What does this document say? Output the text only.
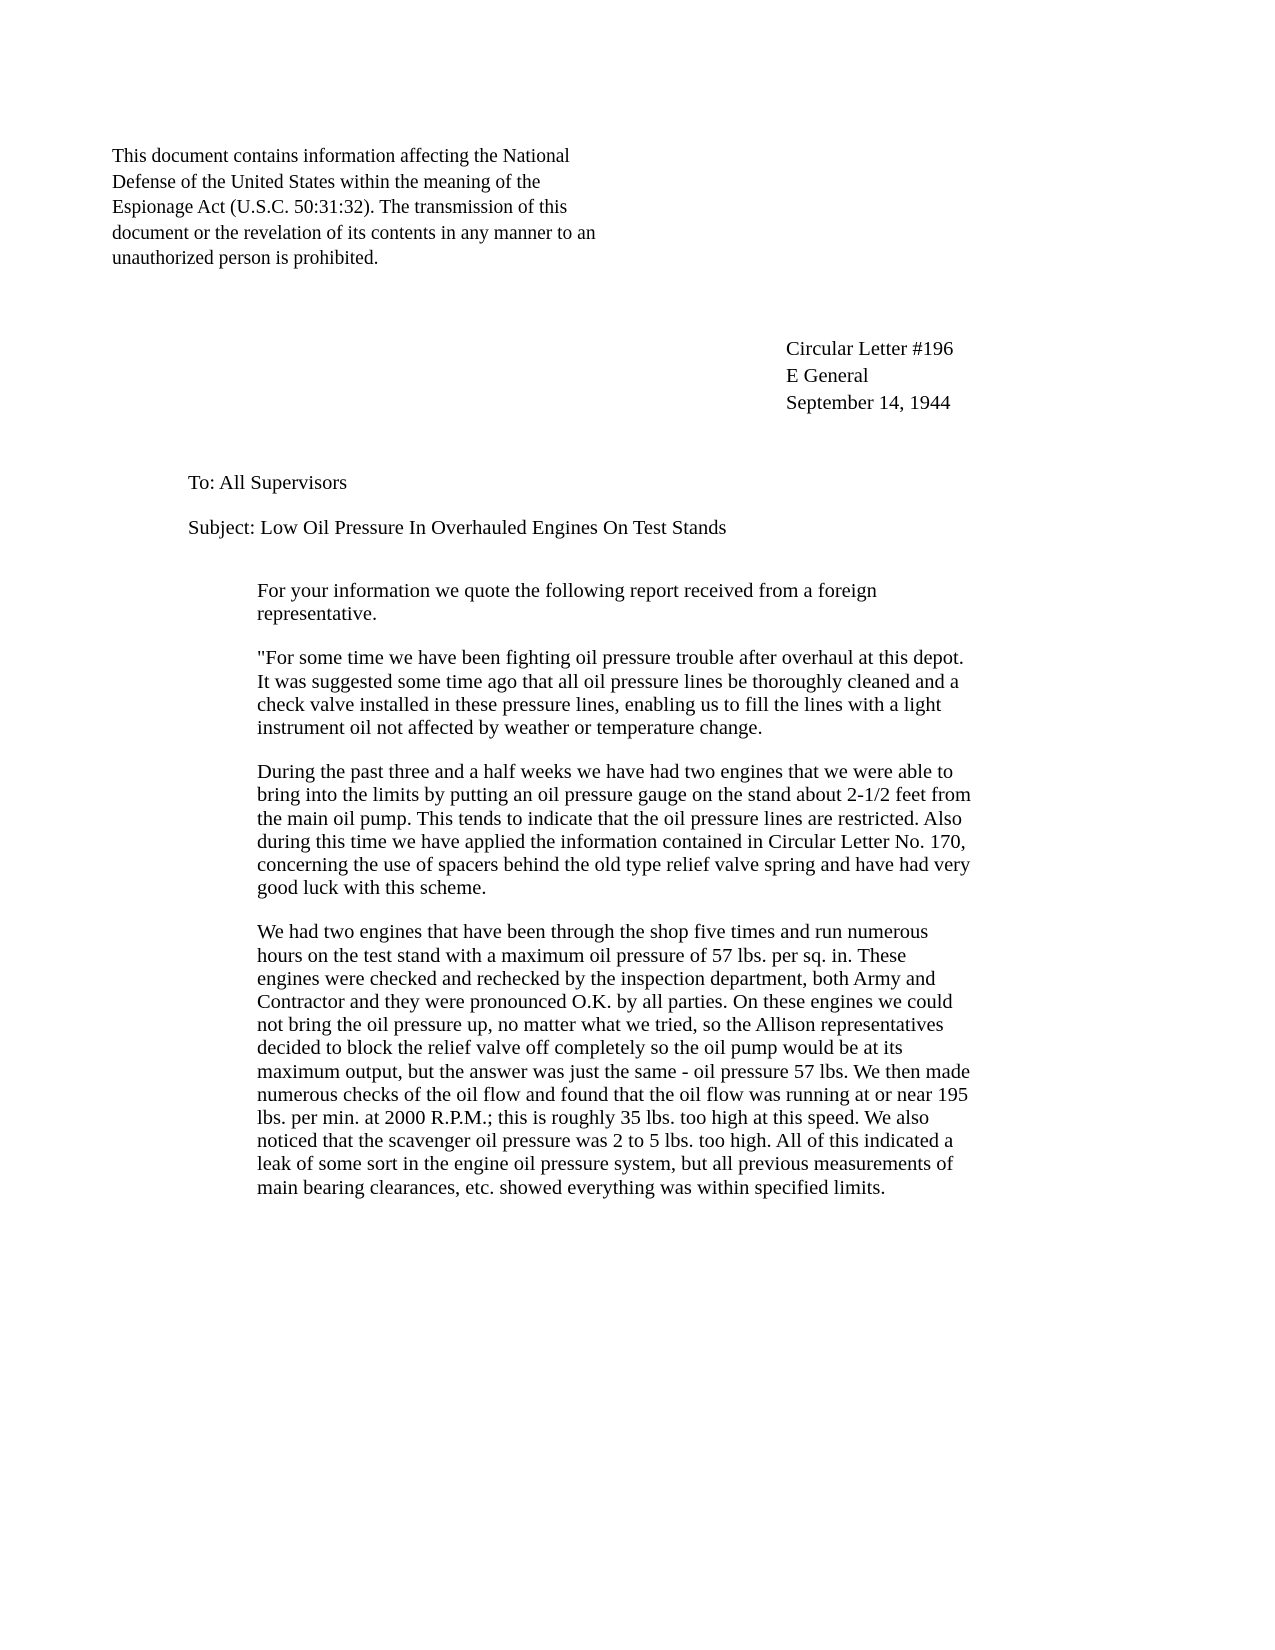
This document contains information affecting the National
Defense of the United States within the meaning of the
Espionage Act (U.S.C. 50:31:32). The transmission of this
document or the revelation of its contents in any manner to an
unauthorized person is prohibited.
Circular Letter #196
E General
September 14, 1944
To: All Supervisors
Subject: Low Oil Pressure In Overhauled Engines On Test Stands

For your information we quote the following report received from a foreign representative.

"For some time we have been fighting oil pressure trouble after overhaul at this depot. It was suggested some time ago that all oil pressure lines be thoroughly cleaned and a check valve installed in these pressure lines, enabling us to fill the lines with a light instrument oil not affected by weather or temperature change.

During the past three and a half weeks we have had two engines that we were able to bring into the limits by putting an oil pressure gauge on the stand about 2-1/2 feet from the main oil pump. This tends to indicate that the oil pressure lines are restricted. Also during this time we have applied the information contained in Circular Letter No. 170, concerning the use of spacers behind the old type relief valve spring and have had very good luck with this scheme.

We had two engines that have been through the shop five times and run numerous hours on the test stand with a maximum oil pressure of 57 lbs. per sq. in. These engines were checked and rechecked by the inspection department, both Army and Contractor and they were pronounced O.K. by all parties. On these engines we could not bring the oil pressure up, no matter what we tried, so the Allison representatives decided to block the relief valve off completely so the oil pump would be at its maximum output, but the answer was just the same - oil pressure 57 lbs. We then made numerous checks of the oil flow and found that the oil flow was running at or near 195 lbs. per min. at 2000 R.P.M.; this is roughly 35 lbs. too high at this speed. We also noticed that the scavenger oil pressure was 2 to 5 lbs. too high. All of this indicated a leak of some sort in the engine oil pressure system, but all previous measurements of main bearing clearances, etc. showed everything was within specified limits.
